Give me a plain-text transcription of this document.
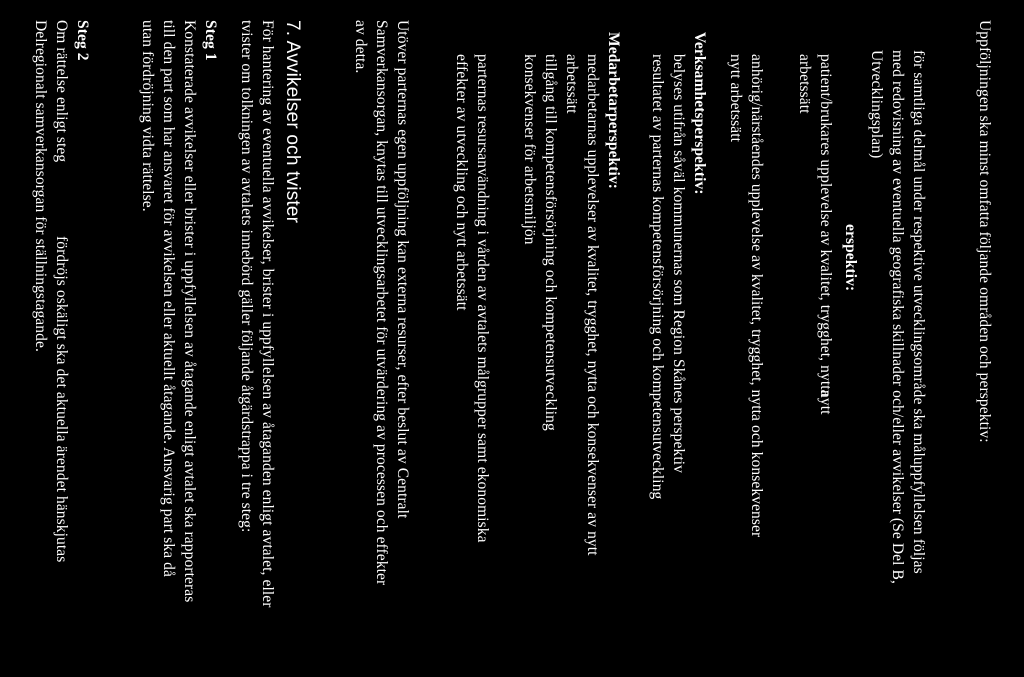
Uppföljningen ska minst omfatta följande områden och perspektiv:
för samtliga delmål under respektive utvecklingsområde ska måluppfyllelsen följas
med redovisning av eventuella geografiska skillnader och/eller avvikelser (Se Del B,
Utvecklingsplan)
erspektiv:
patient/brukares upplevelse av kvalitet, trygghet, nytta
nytt
arbetssätt
anhörig/närståendes upplevelse av kvalitet, trygghet, nytta och konsekvenser
nytt arbetssätt
Verksamhetsperspektiv:
belyses utifrån såväl kommunernas som Region Skånes perspektiv
resultatet av parternas kompetensförsörjning och kompetensutveckling
Medarbetarperspektiv:
medarbetarnas upplevelser av kvalitet, trygghet, nytta och konsekvenser av nytt
arbetssätt
tillgång till kompetensförsörjning och kompetensutveckling
konsekvenser för arbetsmiljön
parternas resursanvändning i vården av avtalets målgrupper samt ekonomiska
effekter av utveckling och nytt arbetssätt
Utöver parternas egen uppföljning kan externa resurser, efter beslut av Centralt
Samverkansorgan, knytas till utvecklingsarbetet för utvärdering av processen och effekter
av detta.
7. Avvikelser och tvister
För hantering av eventuella avvikelser, brister i uppfyllelsen av åtaganden enligt avtalet, eller
tvister om tolkningen av avtalets innebörd gäller följande åtgärdstrappa i tre steg:
Steg 1
Konstaterade avvikelser eller brister i uppfyllelsen av åtagande enligt avtalet ska rapporteras
till den part som har ansvaret för avvikelsen eller aktuellt åtagande. Ansvarig part ska då
utan fördröjning vidta rättelse.
Steg 2
Om rättelse enligt steg
fördröjs oskäligt ska det aktuella ärendet hänskjutas
Delregionalt samverkansorgan för ställningstagande.
